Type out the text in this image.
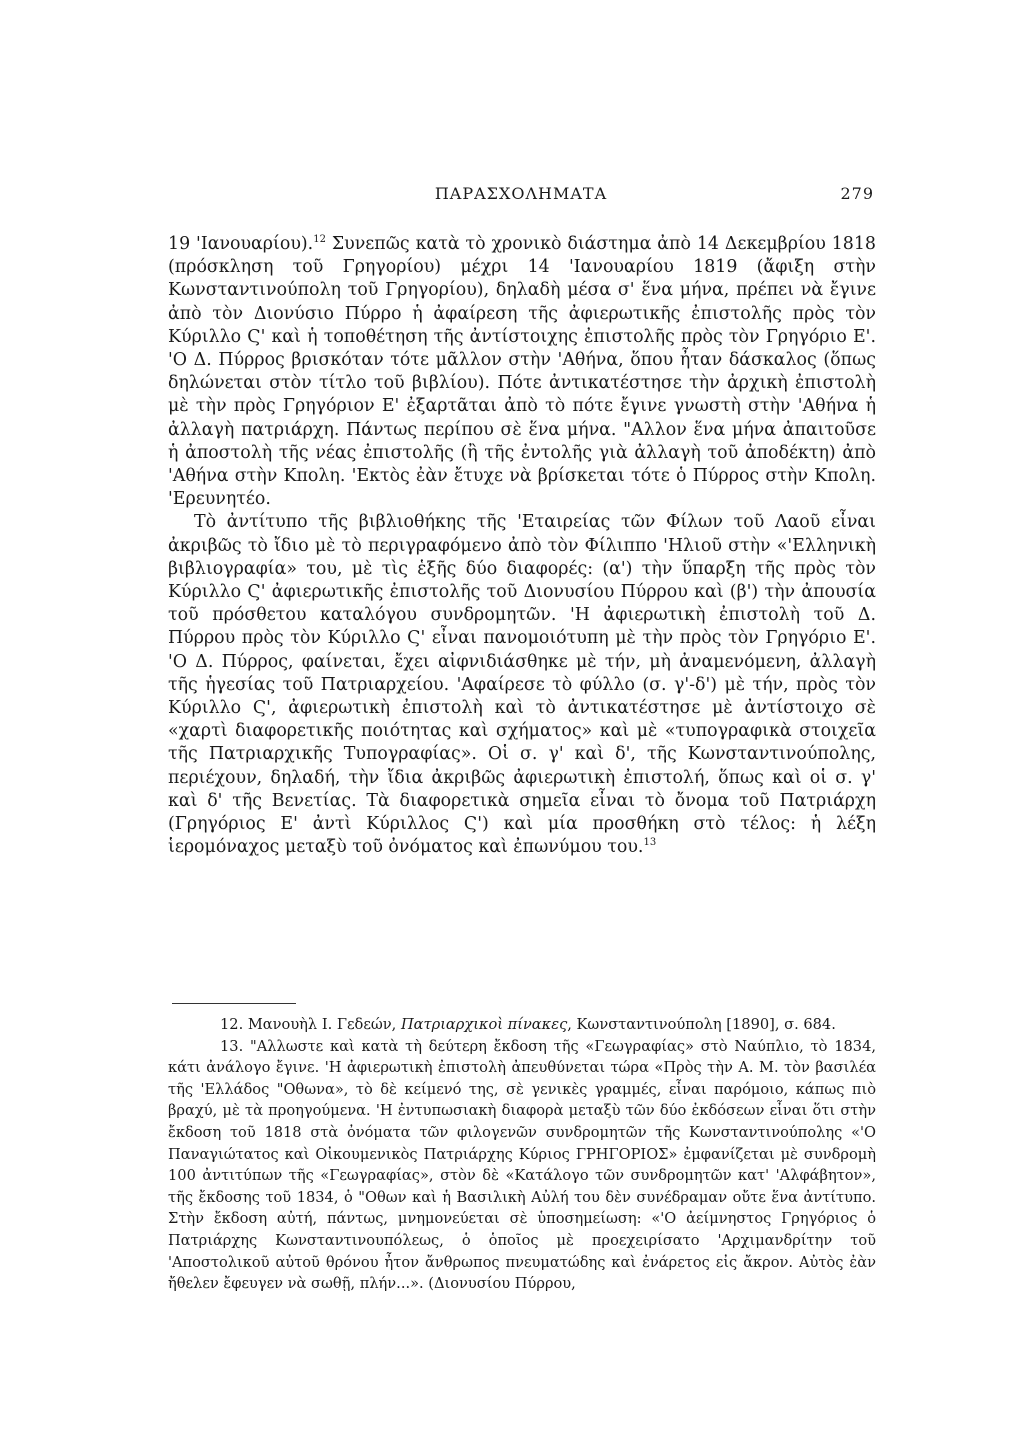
ΠΑΡΑΣΧΟΛΗΜΑΤΑ	279

19 'Ιανουαρίου).$^{12}$ Συνεπῶς κατὰ τὸ χρονικὸ διάστημα ἀπὸ 14 Δεκεμβρίου 1818 (πρόσκληση τοῦ Γρηγορίου) μέχρι 14 'Ιανουαρίου 1819 (ἄφιξη στὴν Κωνσταντινούπολη τοῦ Γρηγορίου), δηλαδὴ μέσα σ' ἕνα μήνα, πρέπει νὰ ἔγινε ἀπὸ τὸν Διονύσιο Πύρρο ἡ ἀφαίρεση τῆς ἀφιερωτικῆς ἐπιστολῆς πρὸς τὸν Κύριλλο Ϛ' καὶ ἡ τοποθέτηση τῆς ἀντίστοιχης ἐπιστολῆς πρὸς τὸν Γρηγόριο Ε'. 'Ο Δ. Πύρρος βρισκόταν τότε μᾶλλον στὴν 'Αθήνα, ὅπου ἦταν δάσκαλος (ὅπως δηλώνεται στὸν τίτλο τοῦ βιβλίου). Πότε ἀντικατέστησε τὴν ἀρχικὴ ἐπιστολὴ μὲ τὴν πρὸς Γρηγόριον Ε' ἐξαρτᾶται ἀπὸ τὸ πότε ἔγινε γνωστὴ στὴν 'Αθήνα ἡ ἀλλαγὴ πατριάρχη. Πάντως περίπου σὲ ἕνα μήνα. "Αλλον ἕνα μήνα ἀπαιτοῦσε ἡ ἀποστολὴ τῆς νέας ἐπιστολῆς (ἢ τῆς ἐντολῆς γιὰ ἀλλαγὴ τοῦ ἀποδέκτη) ἀπὸ 'Αθήνα στὴν Κπολη. 'Εκτὸς ἐὰν ἔτυχε νὰ βρίσκεται τότε ὁ Πύρρος στὴν Κπολη. 'Ερευνητέο.

Τὸ ἀντίτυπο τῆς βιβλιοθήκης τῆς 'Εταιρείας τῶν Φίλων τοῦ Λαοῦ εἶναι ἀκριβῶς τὸ ἴδιο μὲ τὸ περιγραφόμενο ἀπὸ τὸν Φίλιππο 'Ηλιοῦ στὴν «'Ελληνικὴ βιβλιογραφία» του, μὲ τὶς ἑξῆς δύο διαφορές: (α') τὴν ὕπαρξη τῆς πρὸς τὸν Κύριλλο Ϛ' ἀφιερωτικῆς ἐπιστολῆς τοῦ Διονυσίου Πύρρου καὶ (β') τὴν ἀπουσία τοῦ πρόσθετου καταλόγου συνδρομητῶν. 'Η ἀφιερωτικὴ ἐπιστολὴ τοῦ Δ. Πύρρου πρὸς τὸν Κύριλλο Ϛ' εἶναι πανομοιότυπη μὲ τὴν πρὸς τὸν Γρηγόριο Ε'. 'Ο Δ. Πύρρος, φαίνεται, ἔχει αἰφνιδιάσθηκε μὲ τήν, μὴ ἀναμενόμενη, ἀλλαγὴ τῆς ἡγεσίας τοῦ Πατριαρχείου. 'Αφαίρεσε τὸ φύλλο (σ. γ'-δ') μὲ τήν, πρὸς τὸν Κύριλλο Ϛ', ἀφιερωτικὴ ἐπιστολὴ καὶ τὸ ἀντικατέστησε μὲ ἀντίστοιχο σὲ «χαρτὶ διαφορετικῆς ποιότητας καὶ σχήματος» καὶ μὲ «τυπογραφικὰ στοιχεῖα τῆς Πατριαρχικῆς Τυπογραφίας». Οἱ σ. γ' καὶ δ', τῆς Κωνσταντινούπολης, περιέχουν, δηλαδή, τὴν ἴδια ἀκριβῶς ἀφιερωτικὴ ἐπιστολή, ὅπως καὶ οἱ σ. γ' καὶ δ' τῆς Βενετίας. Τὰ διαφορετικὰ σημεῖα εἶναι τὸ ὄνομα τοῦ Πατριάρχη (Γρηγόριος Ε' ἀντὶ Κύριλλος Ϛ') καὶ μία προσθήκη στὸ τέλος: ἡ λέξη ἱερομόναχος μεταξὺ τοῦ ὀνόματος καὶ ἐπωνύμου του.$^{13}$

12. Μανουὴλ Ι. Γεδεών, Πατριαρχικοὶ πίνακες, Κωνσταντινούπολη [1890], σ. 684.

13. "Αλλωστε καὶ κατὰ τὴ δεύτερη ἔκδοση τῆς «Γεωγραφίας» στὸ Ναύπλιο, τὸ 1834, κάτι ἀνάλογο ἔγινε. 'Η ἀφιερωτικὴ ἐπιστολὴ ἀπευθύνεται τώρα «Πρὸς τὴν Α. Μ. τὸν βασιλέα τῆς 'Ελλάδος "Οθωνα», τὸ δὲ κείμενό της, σὲ γενικὲς γραμμές, εἶναι παρόμοιο, κάπως πιὸ βραχύ, μὲ τὰ προηγούμενα. 'Η ἐντυπωσιακὴ διαφορὰ μεταξὺ τῶν δύο ἐκδόσεων εἶναι ὅτι στὴν ἔκδοση τοῦ 1818 στὰ ὀνόματα τῶν φιλογενῶν συνδρομητῶν τῆς Κωνσταντινούπολης «'Ο Παναγιώτατος καὶ Οἰκουμενικὸς Πατριάρχης Κύριος ΓΡΗΓΟΡΙΟΣ» ἐμφανίζεται μὲ συνδρομὴ 100 ἀντιτύπων τῆς «Γεωγραφίας», στὸν δὲ «Κατάλογο τῶν συνδρομητῶν κατ' 'Αλφάβητον», τῆς ἔκδοσης τοῦ 1834, ὁ "Οθων καὶ ἡ Βασιλικὴ Αὐλή του δὲν συνέδραμαν οὔτε ἕνα ἀντίτυπο. Στὴν ἔκδοση αὐτή, πάντως, μνημονεύεται σὲ ὑποσημείωση: «'Ο ἀείμνηστος Γρηγόριος ὁ Πατριάρχης Κωνσταντινουπόλεως, ὁ ὁποῖος μὲ προεχειρίσατο 'Αρχιμανδρίτην τοῦ 'Αποστολικοῦ αὐτοῦ θρόνου ἦτον ἄνθρωπος πνευματώδης καὶ ἐνάρετος εἰς ἄκρον. Αὐτὸς ἐὰν ἤθελεν ἔφευγεν νὰ σωθῇ, πλήν...». (Διονυσίου Πύρρου,
